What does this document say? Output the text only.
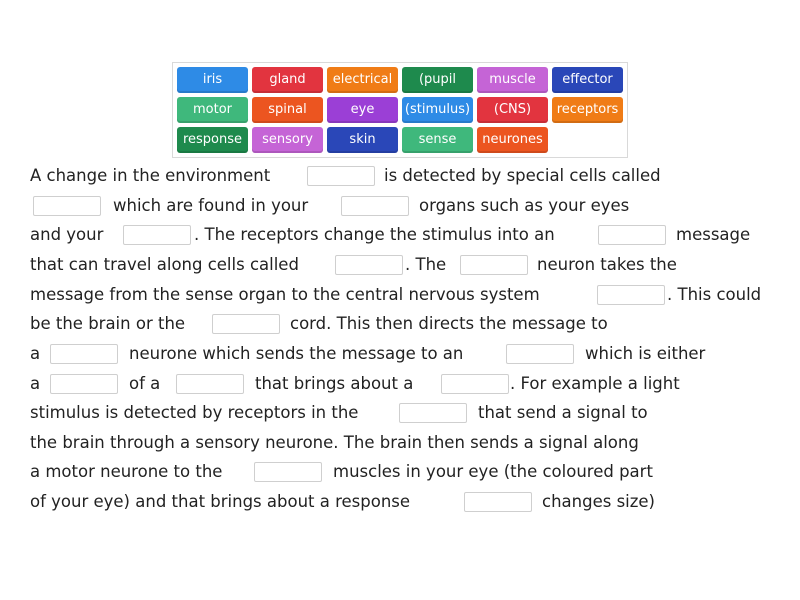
iris	gland	electrical	(pupil	muscle	effector
motor	spinal	eye	(stimulus)	(CNS)	receptors
response	sensory	skin	sense	neurones
A change in the environment	is detected by special cells called
which are found in your	organs such as your eyes
and your	. The receptors change the stimulus into an	message
that can travel along cells called	. The	neuron takes the
message from the sense organ to the central nervous system	. This could
be the brain or the	cord. This then directs the message to
a	neurone which sends the message to an	which is either
a	of a	that brings about a	. For example a light
stimulus is detected by receptors in the	that send a signal to
the brain through a sensory neurone. The brain then sends a signal along
a motor neurone to the	muscles in your eye (the coloured part
of your eye) and that brings about a response	changes size)
